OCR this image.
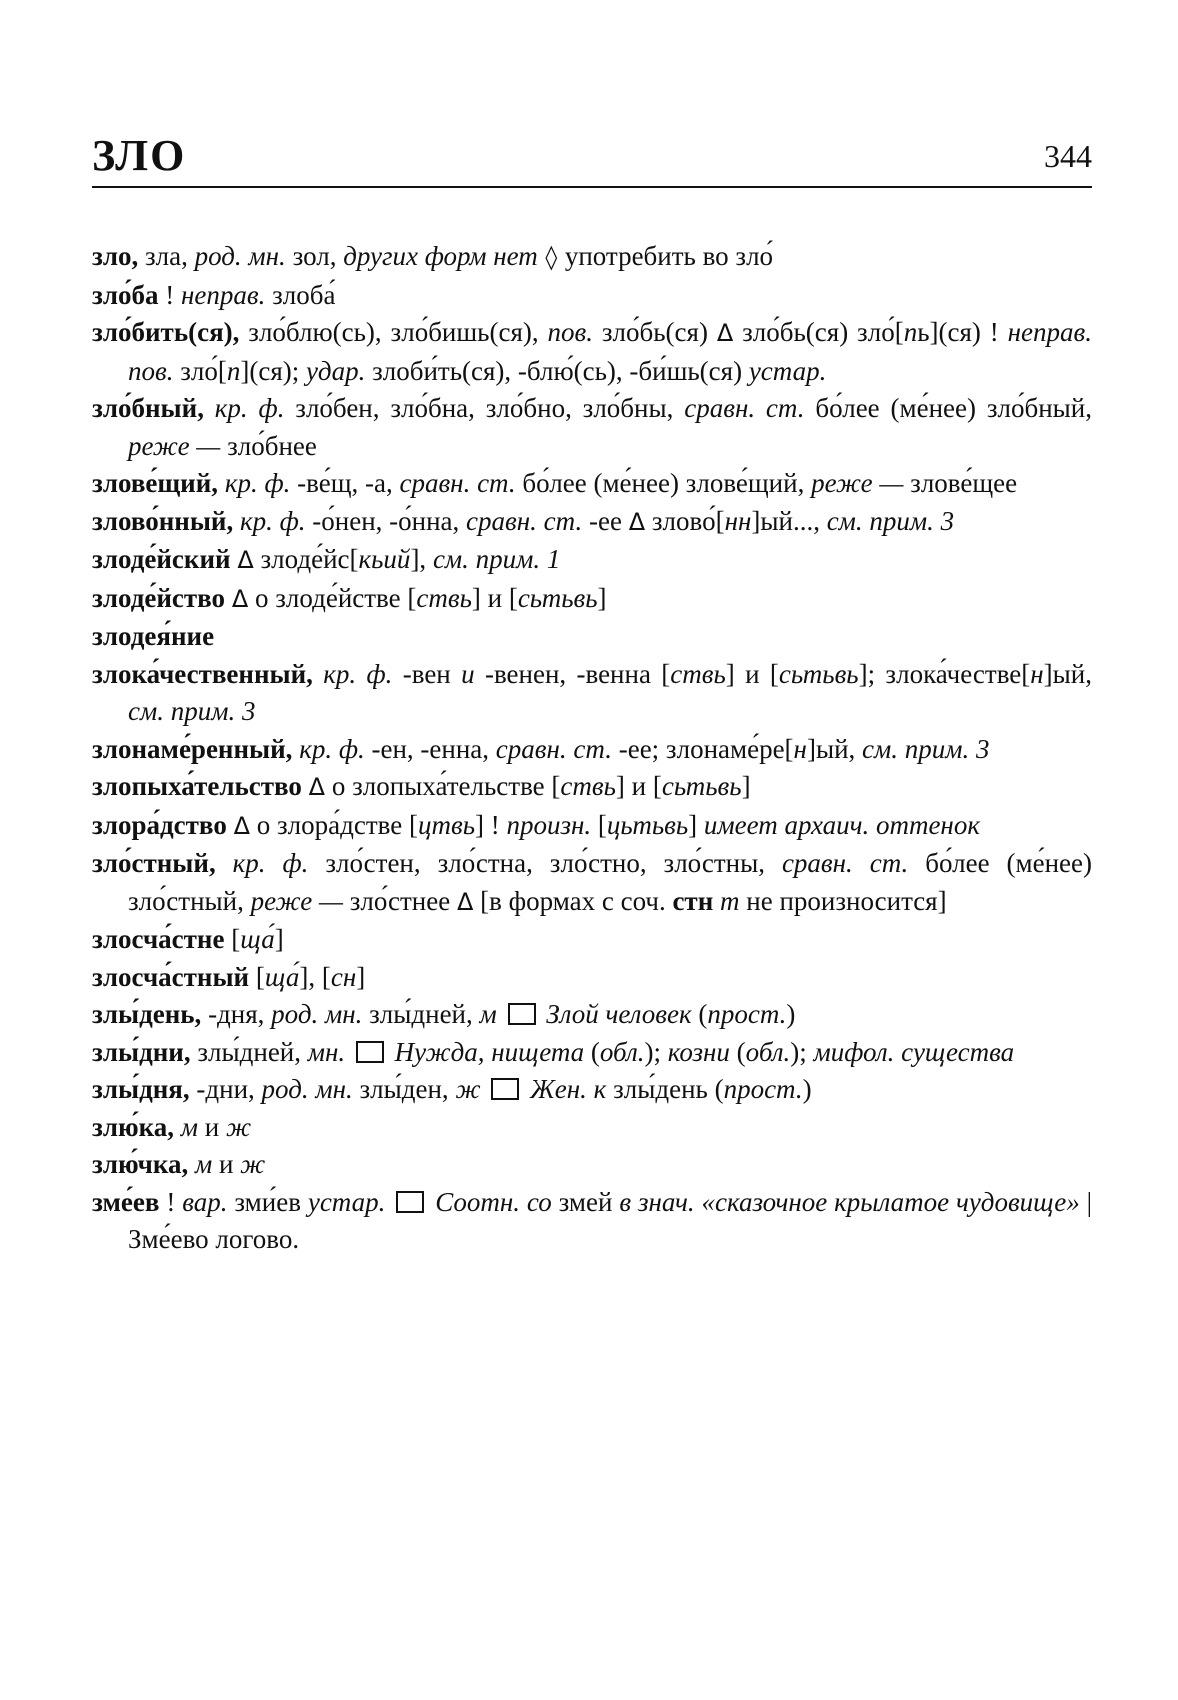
ЗЛО	344
зло, зла, род. мн. зол, других форм нет ◊ употребить во зло́
зло́ба ! неправ. злоба́
зло́бить(ся), зло́блю(сь), зло́бишь(ся), пов. зло́бь(ся) Δ зло́бь(ся) зло́[пь](ся) ! неправ. пов. зло́[п](ся); удар. злоби́ть(ся), -блю́(сь), -би́шь(ся) устар.
зло́бный, кр. ф. зло́бен, зло́бна, зло́бно, зло́бны, сравн. ст. бо́лее (ме́нее) зло́бный, реже — зло́бнее
злове́щий, кр. ф. -ве́щ, -а, сравн. ст. бо́лее (ме́нее) злове́щий, реже — злове́щее
злово́нный, кр. ф. -о́нен, -о́нна, сравн. ст. -ее Δ злово́[нн]ый..., см. прим. 3
злоде́йский Δ злоде́йс[кьий], см. прим. 1
злоде́йство Δ о злоде́йстве [ствь] и [сьтьвь]
злодея́ние
злока́чественный, кр. ф. -вен и -венен, -венна [ствь] и [сьтьвь]; злока́честве[н]ый, см. прим. 3
злонаме́ренный, кр. ф. -ен, -енна, сравн. ст. -ее; злонаме́ре[н]ый, см. прим. 3
злопыха́тельство Δ о злопыха́тельстве [ствь] и [сьтьвь]
злора́дство Δ о злора́дстве [цтвь] ! произн. [цьтьвь] имеет архаич. оттенок
зло́стный, кр. ф. зло́стен, зло́стна, зло́стно, зло́стны, сравн. ст. бо́лее (ме́нее) зло́стный, реже — зло́стнее Δ [в формах с соч. стн т не произносится]
злосча́стне [ща́]
злосча́стный [ща́], [сн]
злы́день, -дня, род. мн. злы́дней, м Злой человек (прост.)
злы́дни, злы́дней, мн. Нужда, нищета (обл.); козни (обл.); мифол. существа
злы́дня, -дни, род. мн. злы́ден, ж Жен. к злы́день (прост.)
злю́ка, м и ж
злю́чка, м и ж
зме́ев ! вар. зми́ев устар. Соотн. со змей в знач. «сказочное крылатое чудовище» | Зме́ево логово.
